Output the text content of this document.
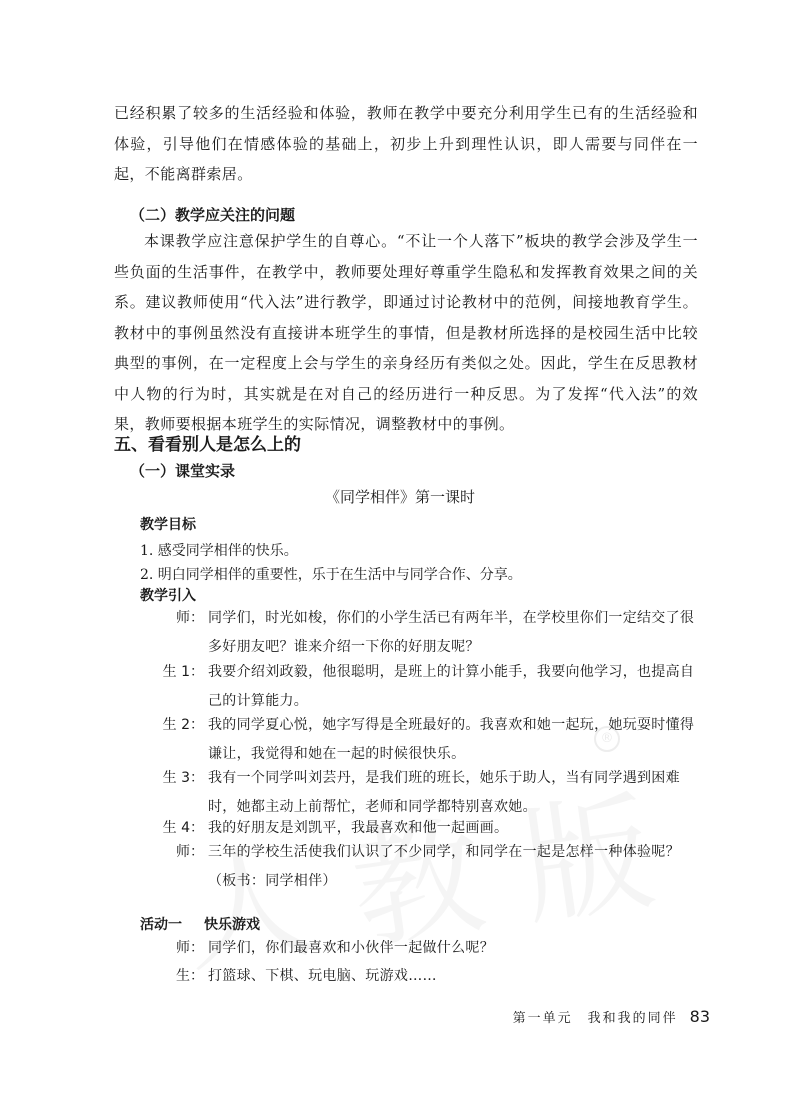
®

已经积累了较多的生活经验和体验，教师在教学中要充分利用学生已有的生活经验和体验，引导他们在情感体验的基础上，初步上升到理性认识，即人需要与同伴在一起，不能离群索居。

（二）教学应关注的问题

本课教学应注意保护学生的自尊心。“不让一个人落下”板块的教学会涉及学生一些负面的生活事件，在教学中，教师要处理好尊重学生隐私和发挥教育效果之间的关系。建议教师使用“代入法”进行教学，即通过讨论教材中的范例，间接地教育学生。教材中的事例虽然没有直接讲本班学生的事情，但是教材所选择的是校园生活中比较典型的事例，在一定程度上会与学生的亲身经历有类似之处。因此，学生在反思教材中人物的行为时，其实就是在对自己的经历进行一种反思。为了发挥“代入法”的效果，教师要根据本班学生的实际情况，调整教材中的事例。

五、看看别人是怎么上的

（一）课堂实录

《同学相伴》第一课时

教学目标

1. 感受同学相伴的快乐。

2. 明白同学相伴的重要性，乐于在生活中与同学合作、分享。

教学引入

师： 同学们，时光如梭，你们的小学生活已有两年半，在学校里你们一定结交了很多好朋友吧？谁来介绍一下你的好朋友呢？
生 1： 我要介绍刘政毅，他很聪明，是班上的计算小能手，我要向他学习，也提高自己的计算能力。
生 2： 我的同学夏心悦，她字写得是全班最好的。我喜欢和她一起玩，她玩耍时懂得谦让，我觉得和她在一起的时候很快乐。
生 3： 我有一个同学叫刘芸丹，是我们班的班长，她乐于助人，当有同学遇到困难时，她都主动上前帮忙，老师和同学都特别喜欢她。
生 4： 我的好朋友是刘凯平，我最喜欢和他一起画画。
师： 三年的学校生活使我们认识了不少同学，和同学在一起是怎样一种体验呢？（板书：同学相伴）

活动一 快乐游戏

师： 同学们，你们最喜欢和小伙伴一起做什么呢？
生： 打篮球、下棋、玩电脑、玩游戏……

第一单元　我和我的同伴 83
